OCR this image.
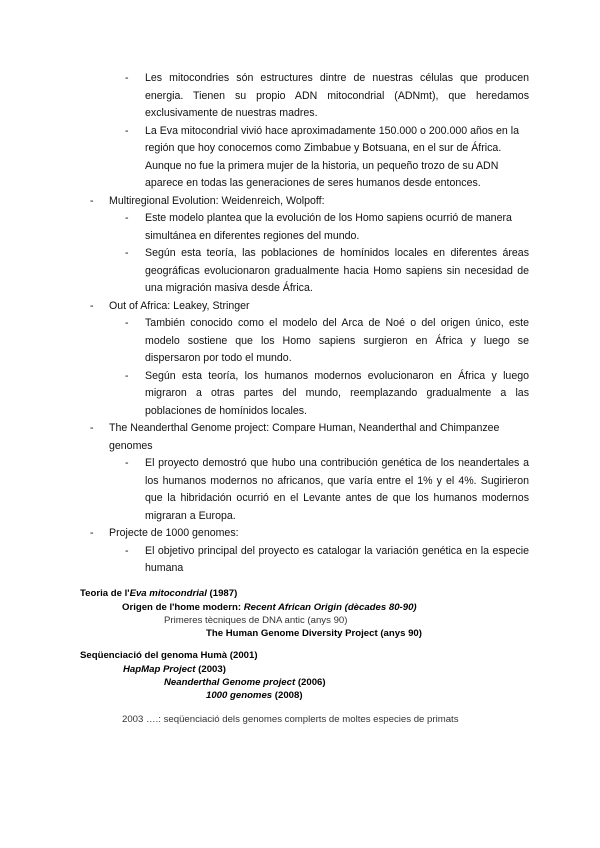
-	Les mitocondries són estructures dintre de nuestras células que producen energia. Tienen su propio ADN mitocondrial (ADNmt), que heredamos exclusivamente de nuestras madres.
-	La Eva mitocondrial vivió hace aproximadamente 150.000 o 200.000 años en la región que hoy conocemos como Zimbabue y Botsuana, en el sur de África. Aunque no fue la primera mujer de la historia, un pequeño trozo de su ADN aparece en todas las generaciones de seres humanos desde entonces.
-	Multiregional Evolution: Weidenreich, Wolpoff:
-	Este modelo plantea que la evolución de los Homo sapiens ocurrió de manera simultánea en diferentes regiones del mundo.
-	Según esta teoría, las poblaciones de homínidos locales en diferentes áreas geográficas evolucionaron gradualmente hacia Homo sapiens sin necesidad de una migración masiva desde África.
-	Out of Africa: Leakey, Stringer
-	También conocido como el modelo del Arca de Noé o del origen único, este modelo sostiene que los Homo sapiens surgieron en África y luego se dispersaron por todo el mundo.
-	Según esta teoría, los humanos modernos evolucionaron en África y luego migraron a otras partes del mundo, reemplazando gradualmente a las poblaciones de homínidos locales.
-	The Neanderthal Genome project: Compare Human, Neanderthal and Chimpanzee genomes
-	El proyecto demostró que hubo una contribución genética de los neandertales a los humanos modernos no africanos, que varía entre el 1% y el 4%. Sugirieron que la hibridación ocurrió en el Levante antes de que los humanos modernos migraran a Europa.
-	Projecte de 1000 genomes:
-	El objetivo principal del proyecto es catalogar la variación genética en la especie humana
Teoria de l'Eva mitocondrial (1987)
Origen de l'home modern: Recent African Origin (dècades 80-90)
Primeres tècniques de DNA antic (anys 90)
The Human Genome Diversity Project (anys 90)
Seqüenciació del genoma Humà (2001)
HapMap Project (2003)
Neanderthal Genome project (2006)
1000 genomes (2008)
2003 ….: seqüenciació dels genomes complerts de moltes especies de primats
